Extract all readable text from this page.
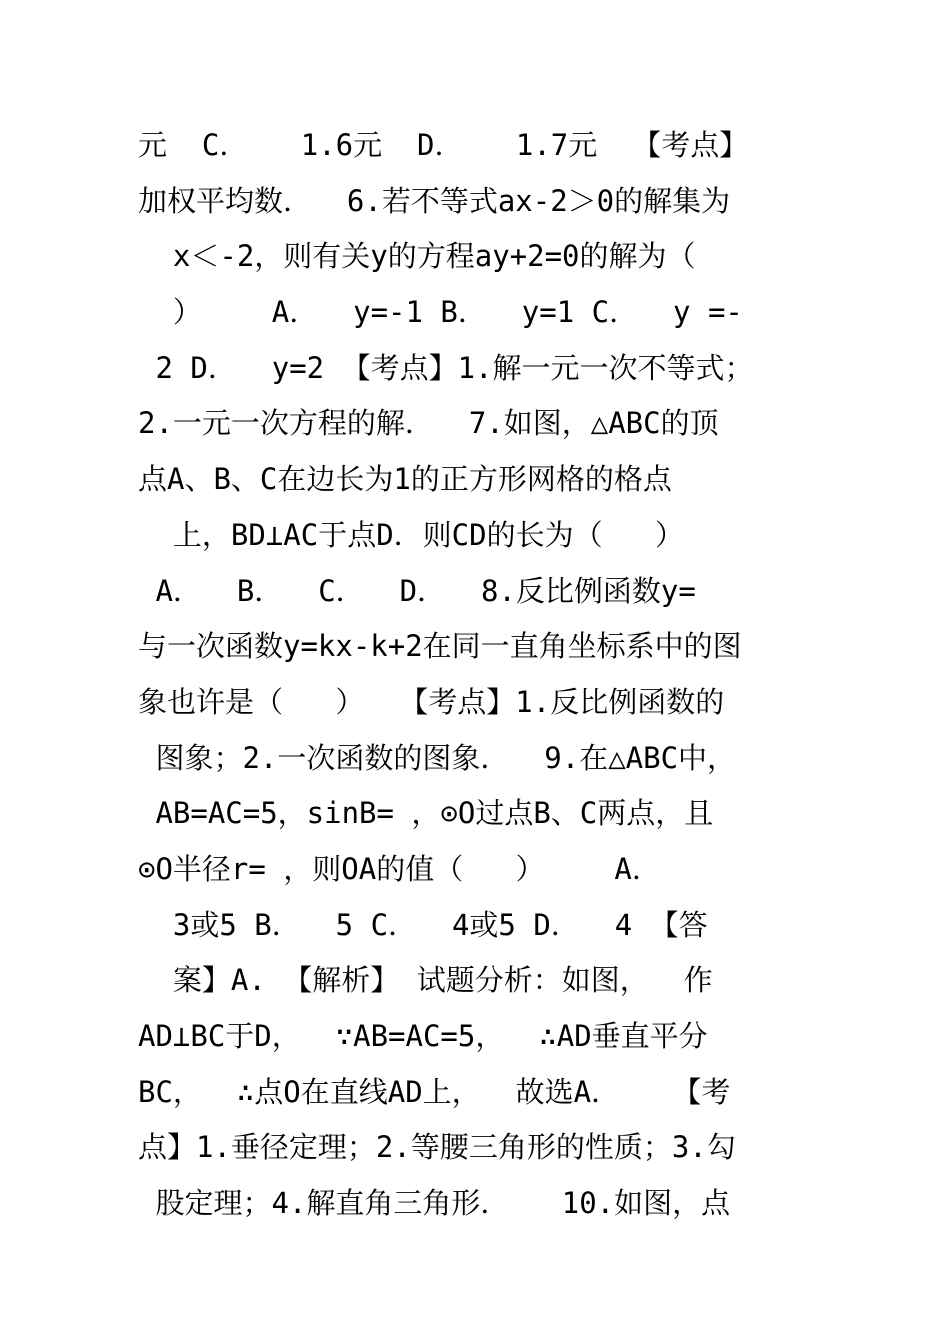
元  C．   1.6元  D．   1.7元  【考点】
加权平均数．  6.若不等式ax-2＞0的解集为
x＜-2，则有关y的方程ay+2=0的解为（
）    A．  y=-1 B．  y=1 C．  y =-
2 D．  y=2 【考点】1.解一元一次不等式；
2.一元一次方程的解．  7.如图，△ABC的顶
点A、B、C在边长为1的正方形网格的格点
上，BD⊥AC于点D．则CD的长为（   ）
A．  B．  C．  D．  8.反比例函数y=
与一次函数y=kx-k+2在同一直角坐标系中的图
象也许是（   ）  【考点】1.反比例函数的
图象；2.一次函数的图象．  9.在△ABC中，
AB=AC=5，sinB= ，⊙O过点B、C两点，且
⊙O半径r= ，则OA的值（   ）    A．
3或5 B．  5 C．  4或5 D．  4 【答
案】A. 【解析】 试题分析：如图，  作
AD⊥BC于D，  ∵AB=AC=5，  ∴AD垂直平分
BC，  ∴点O在直线AD上，  故选A．   【考
点】1.垂径定理；2.等腰三角形的性质；3.勾
股定理；4.解直角三角形．   10.如图，点
